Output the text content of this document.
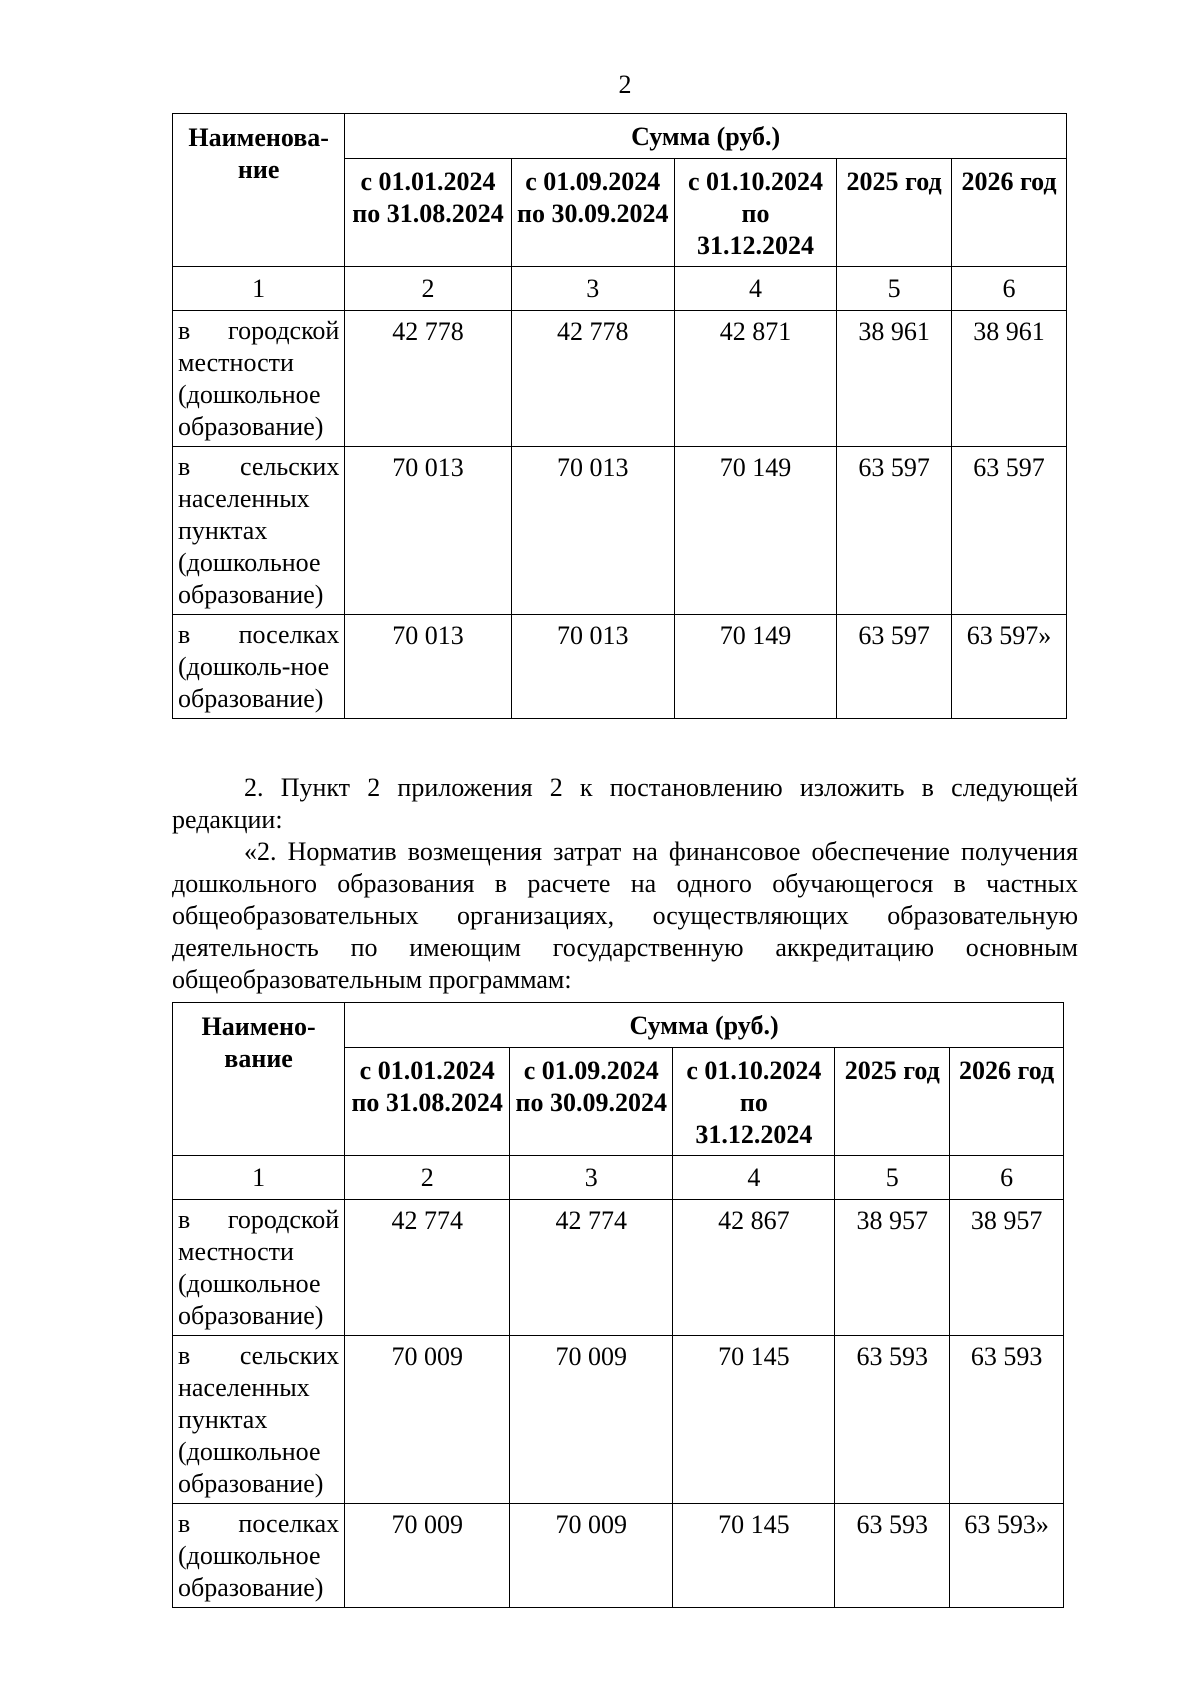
2
Наименова-ние	Сумма (руб.)				
	с 01.01.2024 по 31.08.2024	с 01.09.2024 по 30.09.2024	с 01.10.2024 по 31.12.2024	2025 год	2026 год
1	2	3	4	5	6
в городской местности (дошкольное образование)	42 778	42 778	42 871	38 961	38 961
в сельских населенных пунктах (дошкольное образование)	70 013	70 013	70 149	63 597	63 597
в поселках (дошколь-ное образование)	70 013	70 013	70 149	63 597	63 597»
2. Пункт 2 приложения 2 к постановлению изложить в следующей редакции:
«2. Норматив возмещения затрат на финансовое обеспечение получения дошкольного образования в расчете на одного обучающегося в частных общеобразовательных организациях, осуществляющих образовательную деятельность по имеющим государственную аккредитацию основным общеобразовательным программам:
Наимено-вание	Сумма (руб.)				
	с 01.01.2024 по 31.08.2024	с 01.09.2024 по 30.09.2024	с 01.10.2024 по 31.12.2024	2025 год	2026 год
1	2	3	4	5	6
в городской местности (дошкольное образование)	42 774	42 774	42 867	38 957	38 957
в сельских населенных пунктах (дошкольное образование)	70 009	70 009	70 145	63 593	63 593
в поселках (дошкольное образование)	70 009	70 009	70 145	63 593	63 593»
